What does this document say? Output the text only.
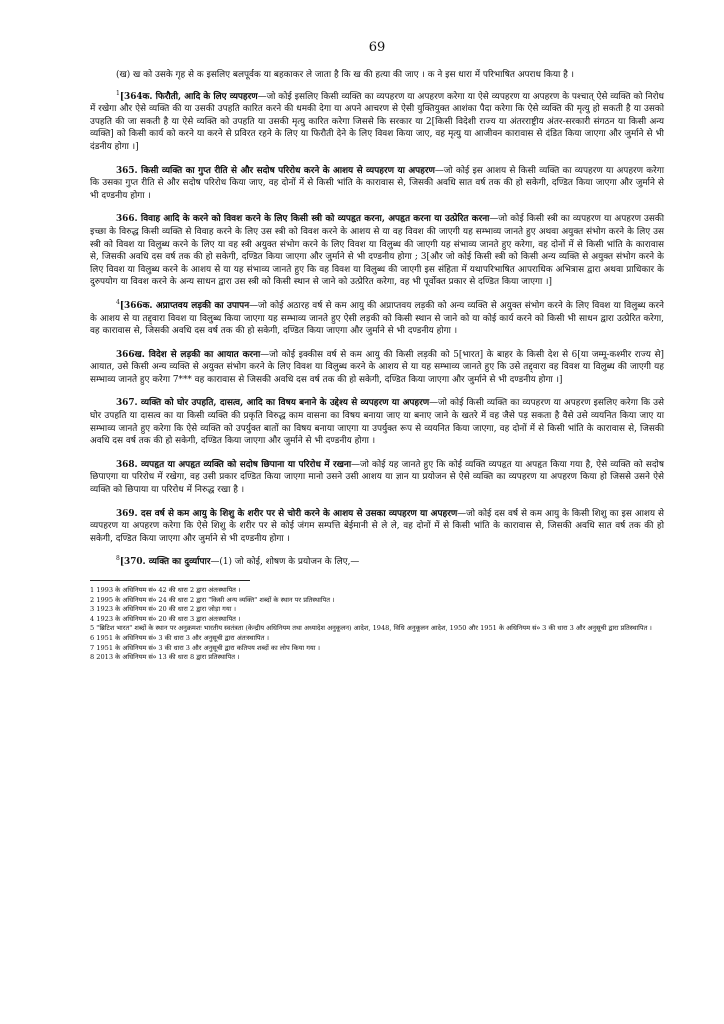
69

(ख) ख को उसके गृह से क इसलिए बलपूर्वक या बहकाकर ले जाता है कि ख की हत्या की जाए । क ने इस धारा में परिभाषित अपराध किया है ।

$^1$[364क. फिरौती, आदि के लिए व्यपहरण—जो कोई इसलिए किसी व्यक्ति का व्यपहरण या अपहरण करेगा या ऐसे व्यपहरण या अपहरण के पश्चात् ऐसे व्यक्ति को निरोध में रखेगा और ऐसे व्यक्ति की या उसकी उपहति कारित करने की धमकी देगा या अपने आचरण से ऐसी युक्तियुक्त आशंका पैदा करेगा कि ऐसे व्यक्ति की मृत्यु हो सकती है या उसको उपहति की जा सकती है या ऐसे व्यक्ति को उपहति या उसकी मृत्यु कारित करेगा जिससे कि सरकार या 2[किसी विदेशी राज्य या अंतरराष्ट्रीय अंतर-सरकारी संगठन या किसी अन्य व्यक्ति] को किसी कार्य को करने या करने से प्रविरत रहने के लिए या फिरौती देने के लिए विवश किया जाए, वह मृत्यु या आजीवन कारावास से दंडित किया जाएगा और जुर्माने से भी दंडनीय होगा ।]

365. किसी व्यक्ति का गुप्त रीति से और सदोष परिरोध करने के आशय से व्यपहरण या अपहरण—जो कोई इस आशय से किसी व्यक्ति का व्यपहरण या अपहरण करेगा कि उसका गुप्त रीति से और सदोष परिरोध किया जाए, वह दोनों में से किसी भांति के कारावास से, जिसकी अवधि सात वर्ष तक की हो सकेगी, दण्डित किया जाएगा और जुर्माने से भी दण्डनीय होगा ।

366. विवाह आदि के करने को विवश करने के लिए किसी स्त्री को व्यपहृत करना, अपहृत करना या उत्प्रेरित करना—जो कोई किसी स्त्री का व्यपहरण या अपहरण उसकी इच्छा के विरुद्ध किसी व्यक्ति से विवाह करने के लिए उस स्त्री को विवश करने के आशय से या वह विवश की जाएगी यह सम्भाव्य जानते हुए अथवा अयुक्त संभोग करने के लिए उस स्त्री को विवश या विलुब्ध करने के लिए या वह स्त्री अयुक्त संभोग करने के लिए विवश या विलुब्ध की जाएगी यह संभाव्य जानते हुए करेगा, वह दोनों में से किसी भांति के कारावास से, जिसकी अवधि दस वर्ष तक की हो सकेगी, दण्डित किया जाएगा और जुर्माने से भी दण्डनीय होगा ; 3[और जो कोई किसी स्त्री को किसी अन्य व्यक्ति से अयुक्त संभोग करने के लिए विवश या विलुब्ध करने के आशय से या यह संभाव्य जानते हुए कि वह विवश या विलुब्ध की जाएगी इस संहिता में यथापरिभाषित आपराधिक अभित्रास द्वारा अथवा प्राधिकार के दुरुपयोग या विवश करने के अन्य साधन द्वारा उस स्त्री को किसी स्थान से जाने को उत्प्रेरित करेगा, वह भी पूर्वोक्त प्रकार से दण्डित किया जाएगा ।]

$^4$[366क. अप्राप्तवय लड़की का उपापन—जो कोई अठारह वर्ष से कम आयु की अप्राप्तवय लड़की को अन्य व्यक्ति से अयुक्त संभोग करने के लिए विवश या विलुब्ध करने के आशय से या तद्द्वारा विवश या विलुब्ध किया जाएगा यह सम्भाव्य जानते हुए ऐसी लड़की को किसी स्थान से जाने को या कोई कार्य करने को किसी भी साधन द्वारा उत्प्रेरित करेगा, वह कारावास से, जिसकी अवधि दस वर्ष तक की हो सकेगी, दण्डित किया जाएगा और जुर्माने से भी दण्डनीय होगा ।

366ख. विदेश से लड़की का आयात करना—जो कोई इक्कीस वर्ष से कम आयु की किसी लड़की को 5[भारत] के बाहर के किसी देश से 6[या जम्मू-कश्मीर राज्य से] आयात, उसे किसी अन्य व्यक्ति से अयुक्त संभोग करने के लिए विवश या विलुब्ध करने के आशय से या यह सम्भाव्य जानते हुए कि उसे तद्द्वारा वह विवश या विलुब्ध की जाएगी यह सम्भाव्य जानते हुए करेगा 7*** वह कारावास से जिसकी अवधि दस वर्ष तक की हो सकेगी, दण्डित किया जाएगा और जुर्माने से भी दण्डनीय होगा ।]

367. व्यक्ति को घोर उपहति, दासत्व, आदि का विषय बनाने के उद्देश्य से व्यपहरण या अपहरण—जो कोई किसी व्यक्ति का व्यपहरण या अपहरण इसलिए करेगा कि उसे घोर उपहति या दासत्व का या किसी व्यक्ति की प्रकृति विरुद्ध काम वासना का विषय बनाया जाए या बनाए जाने के खतरे में वह जैसे पड़ सकता है वैसे उसे व्ययनित किया जाए या सम्भाव्य जानते हुए करेगा कि ऐसे व्यक्ति को उपर्युक्त बातों का विषय बनाया जाएगा या उपर्युक्त रूप से व्ययनित किया जाएगा, वह दोनों में से किसी भांति के कारावास से, जिसकी अवधि दस वर्ष तक की हो सकेगी, दण्डित किया जाएगा और जुर्माने से भी दण्डनीय होगा ।

368. व्यपहृत या अपहृत व्यक्ति को सदोष छिपाना या परिरोध में रखना—जो कोई यह जानते हुए कि कोई व्यक्ति व्यपहृत या अपहृत किया गया है, ऐसे व्यक्ति को सदोष छिपाएगा या परिरोध में रखेगा, वह उसी प्रकार दण्डित किया जाएगा मानो उसने उसी आशय या ज्ञान या प्रयोजन से ऐसे व्यक्ति का व्यपहरण या अपहरण किया हो जिससे उसने ऐसे व्यक्ति को छिपाया या परिरोध में निरुद्ध रखा है ।

369. दस वर्ष से कम आयु के शिशु के शरीर पर से चोरी करने के आशय से उसका व्यपहरण या अपहरण—जो कोई दस वर्ष से कम आयु के किसी शिशु का इस आशय से व्यपहरण या अपहरण करेगा कि ऐसे शिशु के शरीर पर से कोई जंगम सम्पत्ति बेईमानी से ले ले, वह दोनों में से किसी भांति के कारावास से, जिसकी अवधि सात वर्ष तक की हो सकेगी, दण्डित किया जाएगा और जुर्माने से भी दण्डनीय होगा ।

$^8$[370. व्यक्ति का दुर्व्यापार—(1) जो कोई, शोषण के प्रयोजन के लिए,—

1 1993 के अधिनियम सं० 42 की धारा 2 द्वारा अंतःस्थापित ।
2 1995 के अधिनियम सं० 24 की धारा 2 द्वारा "किसी अन्य व्यक्ति" शब्दों के स्थान पर प्रतिस्थापित ।
3 1923 के अधिनियम सं० 20 की धारा 2 द्वारा जोड़ा गया ।
4 1923 के अधिनियम सं० 20 की धारा 3 द्वारा अंतःस्थापित ।
5 "ब्रिटिश भारत" शब्दों के स्थान पर अनुक्रमशः भारतीय स्वतंत्रता (केन्द्रीय अधिनियम तथा अध्यादेश अनुकूलन) आदेश, 1948, विधि अनुकूलन आदेश, 1950 और 1951 के अधिनियम सं० 3 की धारा 3 और अनुसूची द्वारा प्रतिस्थापित ।
6 1951 के अधिनियम सं० 3 की धारा 3 और अनुसूची द्वारा अंतःस्थापित ।
7 1951 के अधिनियम सं० 3 की धारा 3 और अनुसूची द्वारा कतिपय शब्दों का लोप किया गया ।
8 2013 के अधिनियम सं० 13 की धारा 8 द्वारा प्रतिस्थापित ।
